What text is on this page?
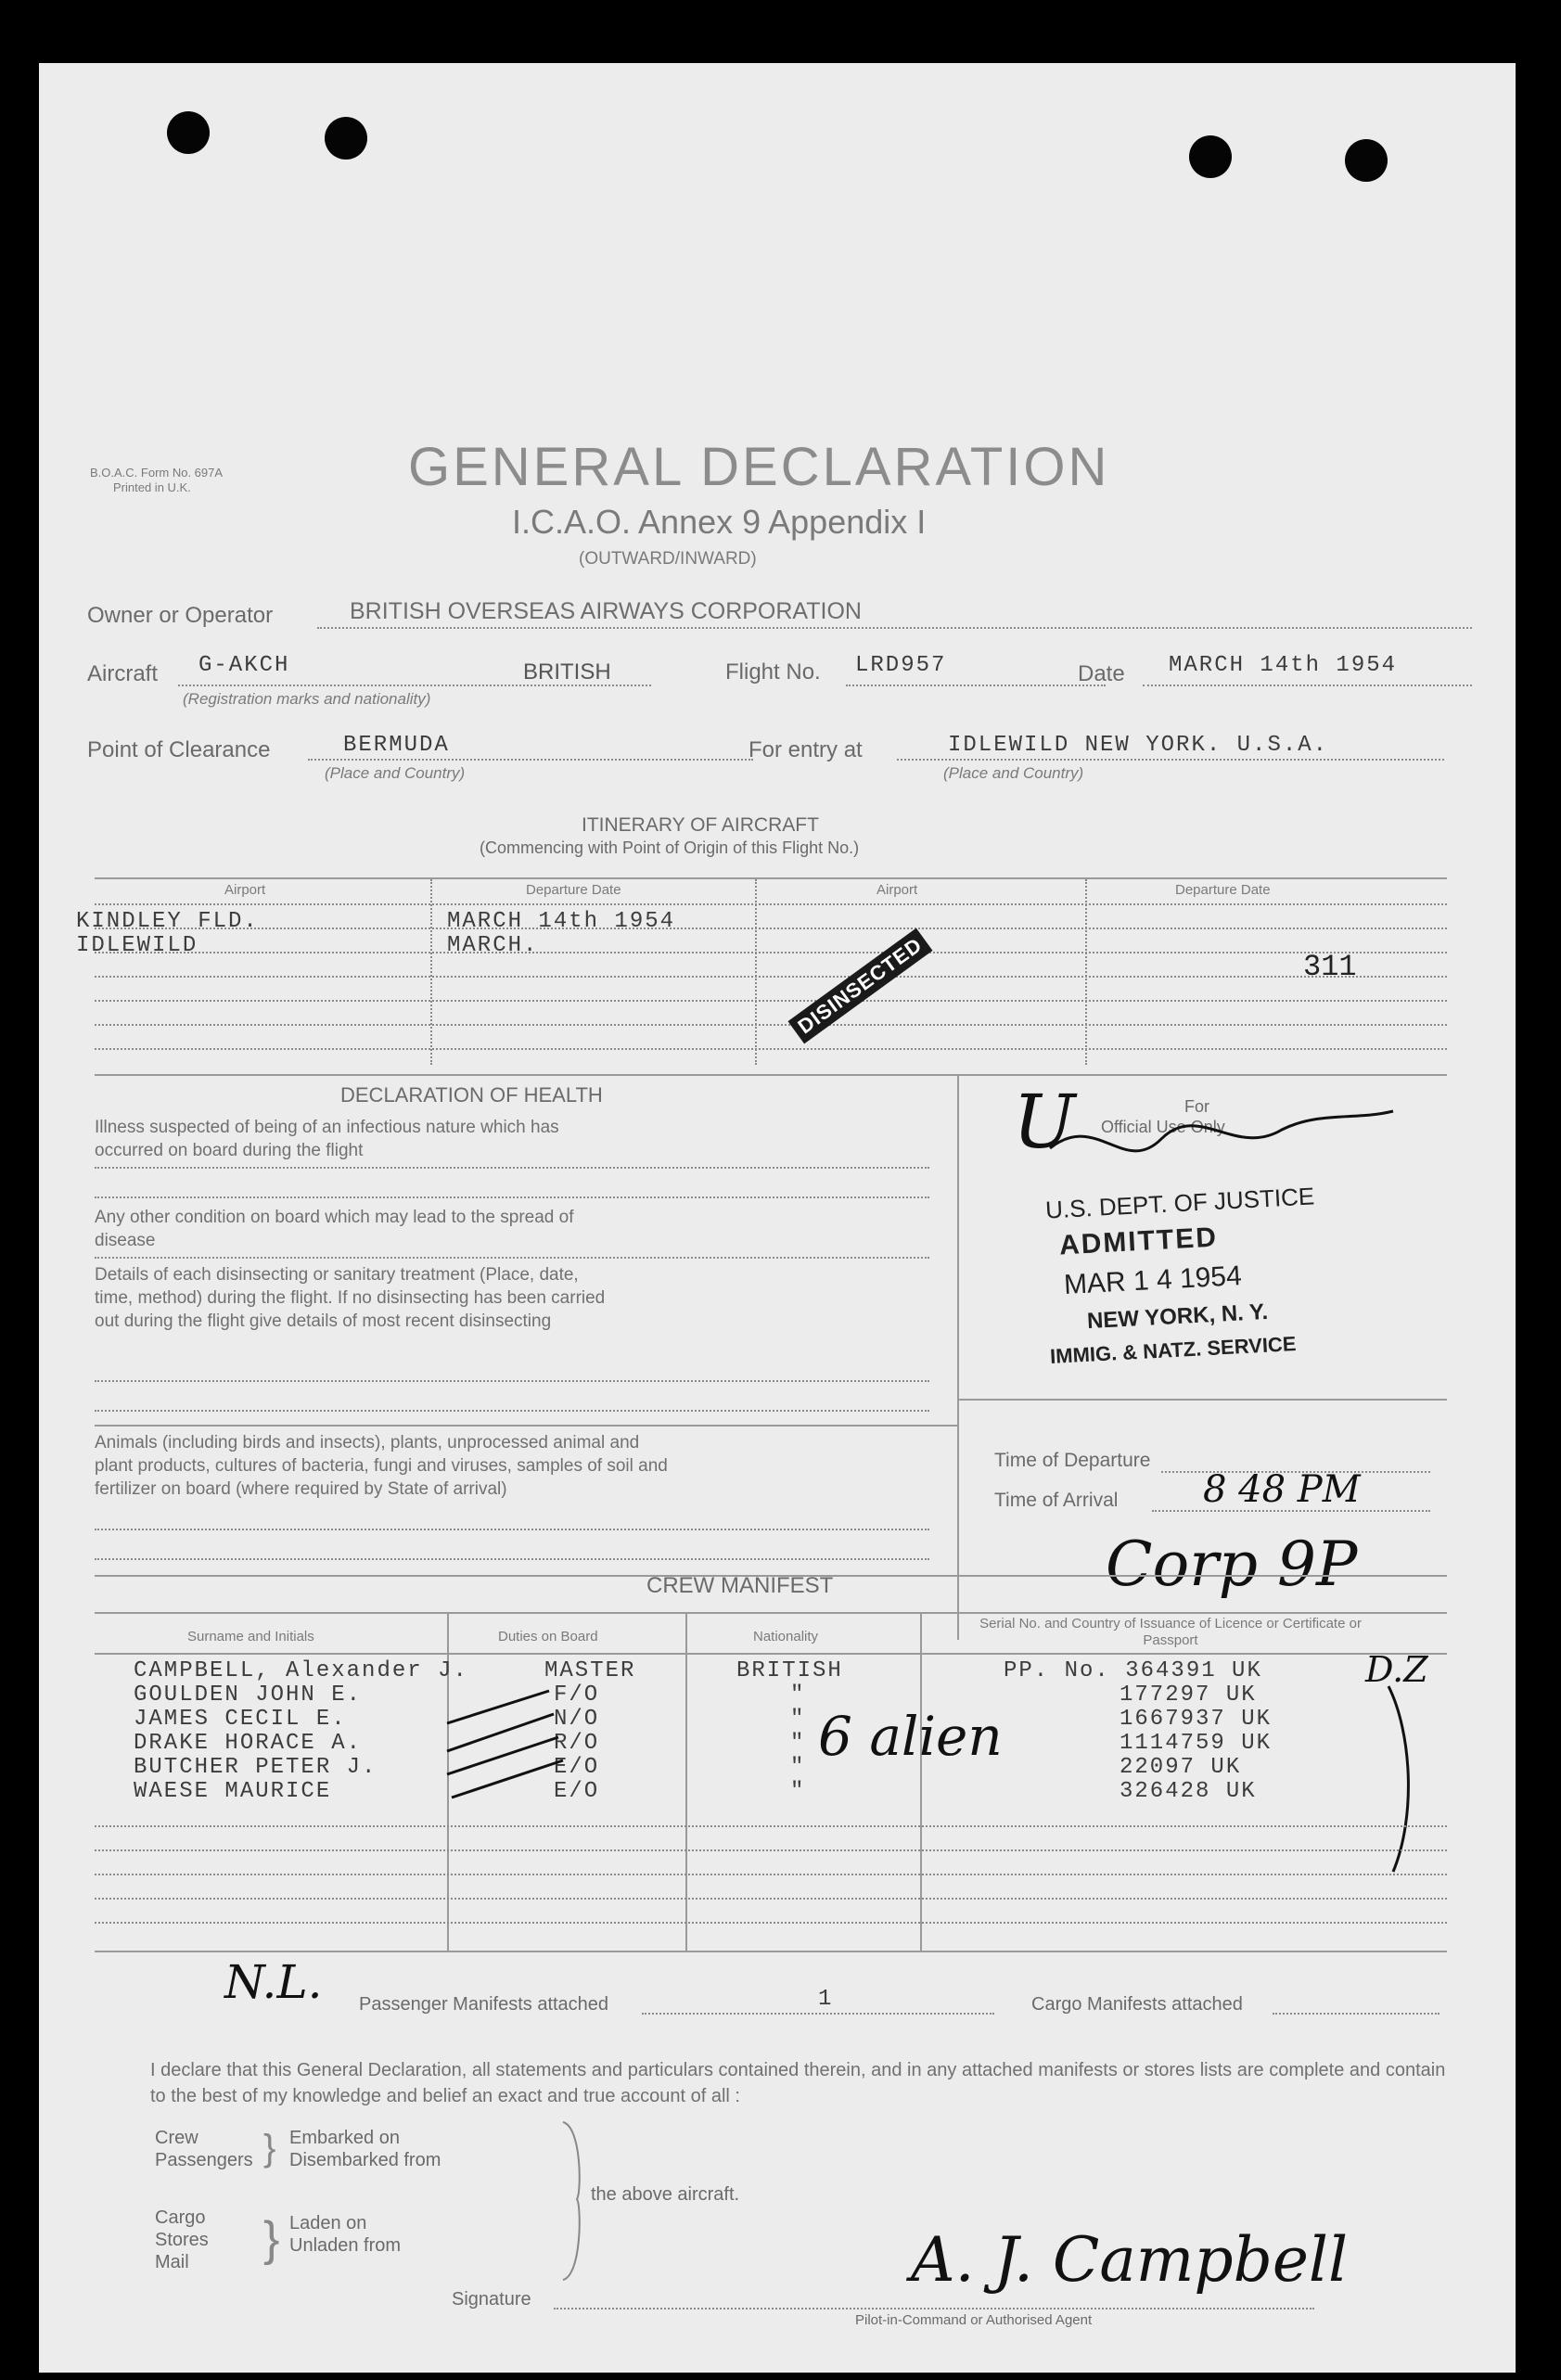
B.O.A.C. Form No. 697A
Printed in U.K.	GENERAL DECLARATION
I.C.A.O. Annex 9 Appendix I
(OUTWARD/INWARD)
Owner or Operator	BRITISH OVERSEAS AIRWAYS CORPORATION
Aircraft G-AKCH	BRITISH
(Registration marks and nationality)
Flight No. LRD957	Date MARCH 14th 1954
Point of Clearance	BERMUDA
(Place and Country)
For entry at	IDLEWILD NEW YORK. U.S.A.
(Place and Country)
ITINERARY OF AIRCRAFT
(Commencing with Point of Origin of this Flight No.)
Airport	Departure Date	Airport	Departure Date
KINDLEY FLD.	MARCH 14th 1954
IDLEWILD	MARCH.
311
DISINSECTED
DECLARATION OF HEALTH
Illness suspected of being of an infectious nature which has occurred on board during the flight
Any other condition on board which may lead to the spread of disease
Details of each disinsecting or sanitary treatment (Place, date, time, method) during the flight. If no disinsecting has been carried out during the flight give details of most recent disinsecting
Animals (including birds and insects), plants, unprocessed animal and plant products, cultures of bacteria, fungi and viruses, samples of soil and fertilizer on board (where required by State of arrival)
For
Official Use Only
U
U.S. DEPT. OF JUSTICE
ADMITTED
MAR 1 4 1954
NEW YORK, N. Y.
IMMIG. & NATZ. SERVICE
Time of Departure
Time of Arrival 8 48 PM
Corp 9P
CREW MANIFEST
Surname and Initials	Duties on Board	Nationality
Serial No. and Country of Issuance of Licence or Certificate or Passport
CAMPBELL, Alexander J.	MASTER	BRITISH	PP. No. 364391 UK
GOULDEN JOHN E.	F/O	"	177297 UK
JAMES CECIL E.	N/O	"	1667937 UK
DRAKE HORACE A.	R/O	"	1114759 UK
BUTCHER PETER J.	E/O	"	22097 UK
WAESE MAURICE	E/O	"	326428 UK
6 alien
D.Z
N.L. Passenger Manifests attached	1	Cargo Manifests attached
I declare that this General Declaration, all statements and particulars contained therein, and in any attached manifests or stores lists are complete and contain to the best of my knowledge and belief an exact and true account of all :
Crew
Passengers
Cargo
Stores
Mail
}
}
Embarked on
Disembarked from
Laden on
Unladen from
the above aircraft.
Signature
A. J. Campbell
Pilot-in-Command or Authorised Agent
